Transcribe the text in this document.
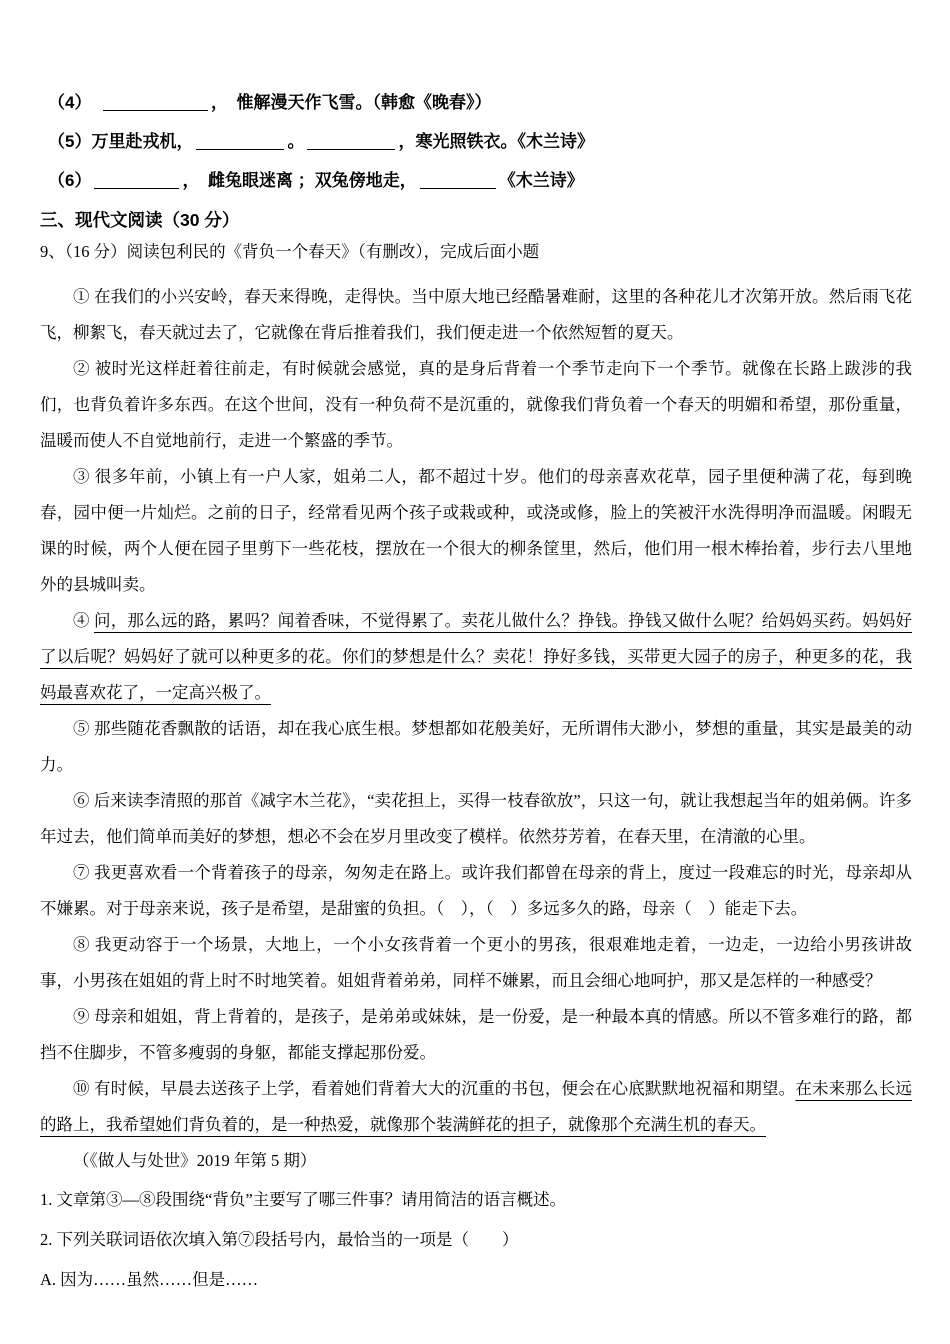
（4）　	，　惟解漫天作飞雪。（韩愈《晚春》）

（5）万里赴戎机，	。	，寒光照铁衣。《木兰诗》

（6）	，　雌兔眼迷离 ；双兔傍地走，	《木兰诗》

三、现代文阅读（30 分）

9、（16 分）阅读包利民的《背负一个春天》（有删改），完成后面小题

① 在我们的小兴安岭，春天来得晚，走得快。当中原大地已经酷暑难耐，这里的各种花儿才次第开放。然后雨飞花飞，柳絮飞，春天就过去了，它就像在背后推着我们，我们便走进一个依然短暂的夏天。

② 被时光这样赶着往前走，有时候就会感觉，真的是身后背着一个季节走向下一个季节。就像在长路上跋涉的我们，也背负着许多东西。在这个世间，没有一种负荷不是沉重的，就像我们背负着一个春天的明媚和希望，那份重量，温暖而使人不自觉地前行，走进一个繁盛的季节。

③ 很多年前，小镇上有一户人家，姐弟二人，都不超过十岁。他们的母亲喜欢花草，园子里便种满了花，每到晚春，园中便一片灿烂。之前的日子，经常看见两个孩子或栽或种，或浇或修，脸上的笑被汗水洗得明净而温暖。闲暇无课的时候，两个人便在园子里剪下一些花枝，摆放在一个很大的柳条筐里，然后，他们用一根木棒抬着，步行去八里地外的县城叫卖。

④ 问，那么远的路，累吗？闻着香味，不觉得累了。卖花儿做什么？挣钱。挣钱又做什么呢？给妈妈买药。妈妈好了以后呢？妈妈好了就可以种更多的花。你们的梦想是什么？卖花！挣好多钱，买带更大园子的房子，种更多的花，我妈最喜欢花了，一定高兴极了。

⑤ 那些随花香飘散的话语，却在我心底生根。梦想都如花般美好，无所谓伟大渺小，梦想的重量，其实是最美的动力。

⑥ 后来读李清照的那首《减字木兰花》，“卖花担上，买得一枝春欲放”，只这一句，就让我想起当年的姐弟俩。许多年过去，他们简单而美好的梦想，想必不会在岁月里改变了模样。依然芬芳着，在春天里，在清澈的心里。

⑦ 我更喜欢看一个背着孩子的母亲，匆匆走在路上。或许我们都曾在母亲的背上，度过一段难忘的时光，母亲却从不嫌累。对于母亲来说，孩子是希望，是甜蜜的负担。（　），（　）多远多久的路，母亲（　）能走下去。

⑧ 我更动容于一个场景，大地上，一个小女孩背着一个更小的男孩，很艰难地走着，一边走，一边给小男孩讲故事，小男孩在姐姐的背上时不时地笑着。姐姐背着弟弟，同样不嫌累，而且会细心地呵护，那又是怎样的一种感受？

⑨ 母亲和姐姐，背上背着的，是孩子，是弟弟或妹妹，是一份爱，是一种最本真的情感。所以不管多难行的路，都挡不住脚步，不管多瘦弱的身躯，都能支撑起那份爱。

⑩ 有时候，早晨去送孩子上学，看着她们背着大大的沉重的书包，便会在心底默默地祝福和期望。在未来那么长远的路上，我希望她们背负着的，是一种热爱，就像那个装满鲜花的担子，就像那个充满生机的春天。

（《做人与处世》2019 年第 5 期）

1. 文章第③—⑧段围绕“背负”主要写了哪三件事？请用简洁的语言概述。

2. 下列关联词语依次填入第⑦段括号内，最恰当的一项是（　　）

A. 因为……虽然……但是……
